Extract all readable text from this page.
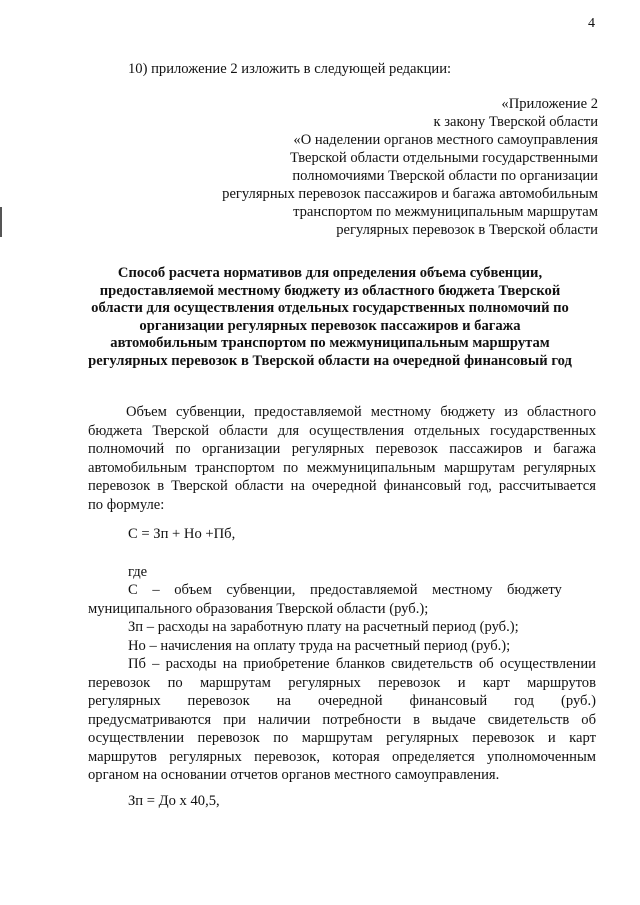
4
10) приложение 2 изложить в следующей редакции:
«Приложение 2
к закону Тверской области
«О наделении органов местного самоуправления
Тверской области отдельными государственными
полномочиями Тверской области по организации
регулярных перевозок пассажиров и багажа автомобильным
транспортом по межмуниципальным маршрутам
регулярных перевозок в Тверской области
Способ расчета нормативов для определения объема субвенции,
предоставляемой местному бюджету из областного бюджета Тверской
области для осуществления отдельных государственных полномочий по
организации регулярных перевозок пассажиров и багажа
автомобильным транспортом по межмуниципальным маршрутам
регулярных перевозок в Тверской области на очередной финансовый год
Объем субвенции, предоставляемой местному бюджету из областного
бюджета Тверской области для осуществления отдельных государственных
полномочий по организации регулярных перевозок пассажиров и багажа
автомобильным транспортом по межмуниципальным маршрутам регулярных
перевозок в Тверской области на очередной финансовый год, рассчитывается
по формуле:
С = Зп + Но +Пб,
где
С    –    объем    субвенции,    предоставляемой    местному    бюджету
муниципального образования Тверской области (руб.);
Зп – расходы на заработную плату на расчетный период (руб.);
Но – начисления на оплату труда на расчетный период (руб.);
Пб – расходы на приобретение бланков свидетельств об осуществлении
перевозок по маршрутам регулярных перевозок и карт маршрутов
регулярных перевозок на очередной финансовый год (руб.)
предусматриваются при наличии потребности в выдаче свидетельств об
осуществлении перевозок по маршрутам регулярных перевозок и карт
маршрутов регулярных перевозок, которая определяется уполномоченным
органом на основании отчетов органов местного самоуправления.
Зп = До х 40,5,
